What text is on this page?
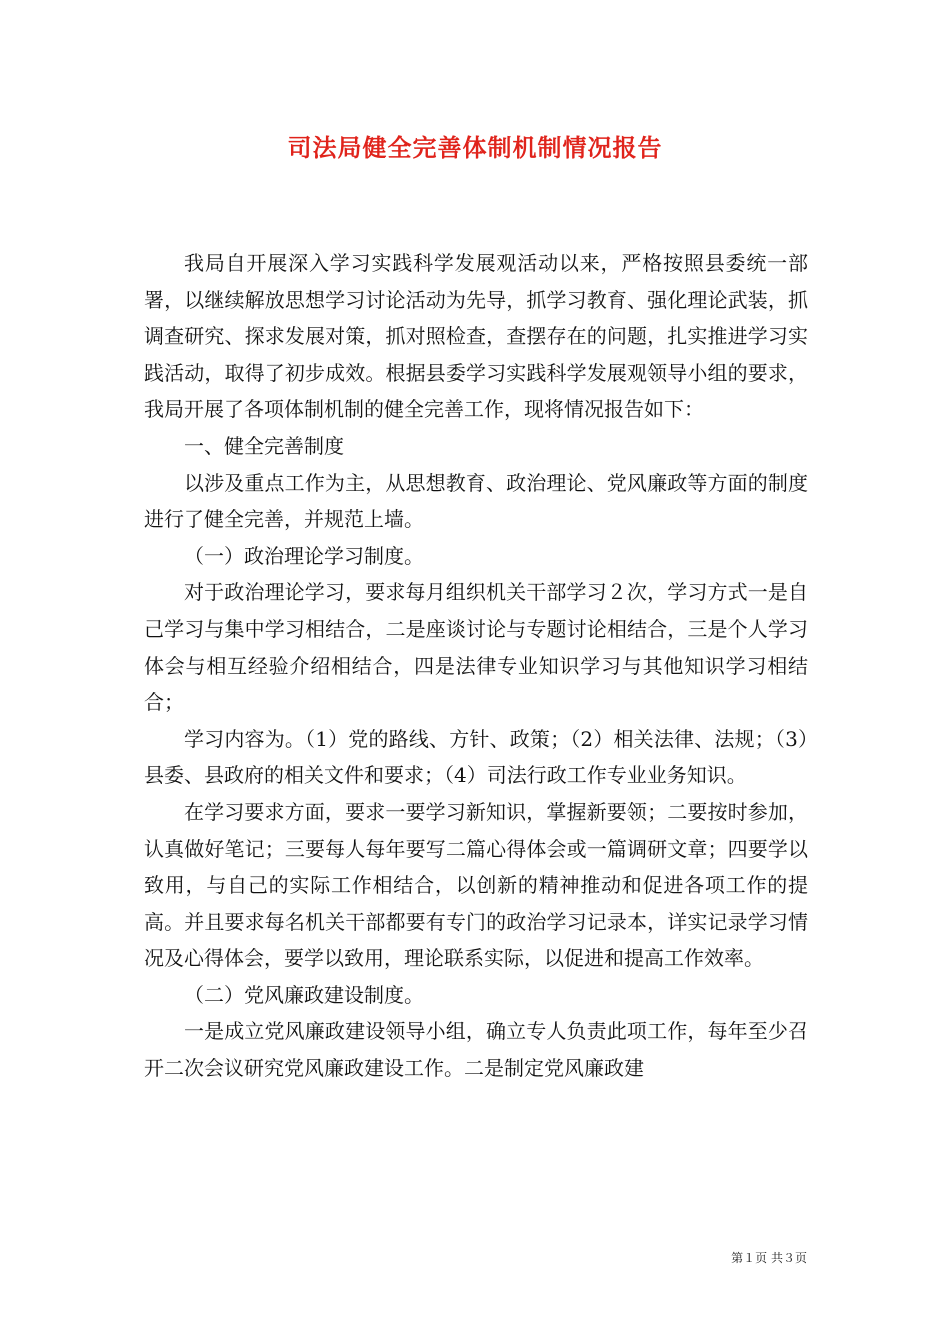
司法局健全完善体制机制情况报告

我局自开展深入学习实践科学发展观活动以来，严格按照县委统一部署，以继续解放思想学习讨论活动为先导，抓学习教育、强化理论武装，抓调查研究、探求发展对策，抓对照检查，查摆存在的问题，扎实推进学习实践活动，取得了初步成效。根据县委学习实践科学发展观领导小组的要求，我局开展了各项体制机制的健全完善工作，现将情况报告如下：

一、健全完善制度

以涉及重点工作为主，从思想教育、政治理论、党风廉政等方面的制度进行了健全完善，并规范上墙。

（一）政治理论学习制度。

对于政治理论学习，要求每月组织机关干部学习２次，学习方式一是自己学习与集中学习相结合，二是座谈讨论与专题讨论相结合，三是个人学习体会与相互经验介绍相结合，四是法律专业知识学习与其他知识学习相结合；

学习内容为。（1）党的路线、方针、政策；（2）相关法律、法规；（3）县委、县政府的相关文件和要求；（4）司法行政工作专业业务知识。

在学习要求方面，要求一要学习新知识，掌握新要领；二要按时参加，认真做好笔记；三要每人每年要写二篇心得体会或一篇调研文章；四要学以致用，与自己的实际工作相结合，以创新的精神推动和促进各项工作的提高。并且要求每名机关干部都要有专门的政治学习记录本，详实记录学习情况及心得体会，要学以致用，理论联系实际，以促进和提高工作效率。

（二）党风廉政建设制度。

一是成立党风廉政建设领导小组，确立专人负责此项工作，每年至少召开二次会议研究党风廉政建设工作。二是制定党风廉政建

第１页 共３页
